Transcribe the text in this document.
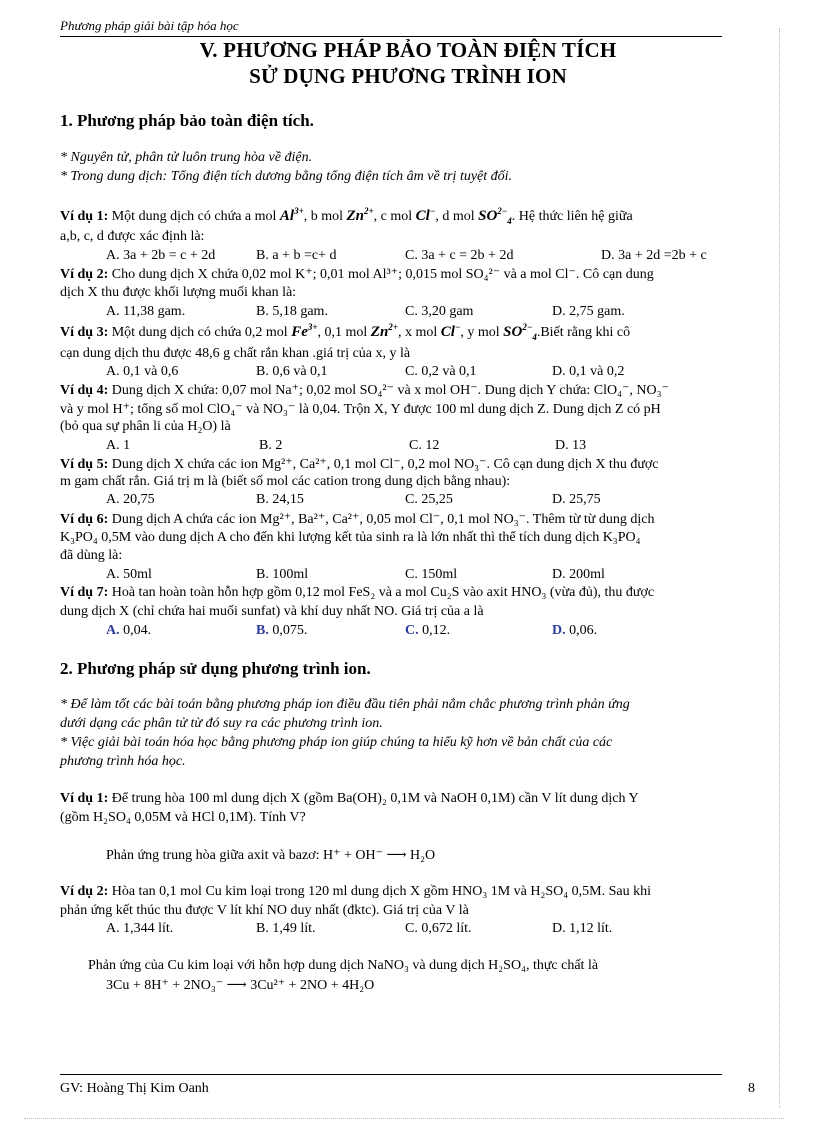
Phương pháp giải bài tập hóa học
V. PHƯƠNG PHÁP BẢO TOÀN ĐIỆN TÍCH
SỬ DỤNG PHƯƠNG TRÌNH ION
1. Phương pháp bảo toàn điện tích.
* Nguyên tử, phân tử luôn trung hòa về điện.
* Trong dung dịch: Tổng điện tích dương bằng tổng điện tích âm về trị tuyệt đối.
Ví dụ 1: Một dung dịch có chứa a mol $Al^{3+}$, b mol $Zn^{2+}$, c mol Cl−, d mol $SO^{2-}_4$. Hệ thức liên hệ giữa
a,b, c, d được xác định là:
A. 3a + 2b = c + 2d	B. a + b =c+ d	C. 3a + c = 2b + 2d	D. 3a + 2d =2b + c
Ví dụ 2: Cho dung dịch X chứa 0,02 mol K⁺; 0,01 mol Al³⁺; 0,015 mol SO₄²⁻ và a mol Cl⁻. Cô cạn dung
dịch X thu được khối lượng muối khan là:
A. 11,38 gam.	B. 5,18 gam.	C. 3,20 gam	D. 2,75 gam.
Ví dụ 3: Một dung dịch có chứa 0,2 mol $Fe^{3+}$, 0,1 mol $Zn^{2+}$, x mol Cl−, y mol $SO^{2-}_4.Biết$ rằng khi cô
cạn dung dịch thu được 48,6 g chất rắn khan .giá trị của x, y là
A. 0,1 và 0,6	B. 0,6 và 0,1	C. 0,2 và 0,1	D. 0,1 và 0,2
Ví dụ 4: Dung dịch X chứa: 0,07 mol Na⁺; 0,02 mol SO₄²⁻ và x mol OH⁻. Dung dịch Y chứa: ClO₄⁻, NO₃⁻
và y mol H⁺; tổng số mol ClO₄⁻ và NO₃⁻ là 0,04. Trộn X, Y được 100 ml dung dịch Z. Dung dịch Z có pH
(bỏ qua sự phân li của H₂O) là
A. 1	B. 2	C. 12	D. 13
Ví dụ 5: Dung dịch X chứa các ion Mg²⁺, Ca²⁺, 0,1 mol Cl⁻, 0,2 mol NO₃⁻. Cô cạn dung dịch X thu được
m gam chất rắn. Giá trị m là (biết số mol các cation trong dung dịch bằng nhau):
A. 20,75	B. 24,15	C. 25,25	D. 25,75
Ví dụ 6: Dung dịch A chứa các ion Mg²⁺, Ba²⁺, Ca²⁺, 0,05 mol Cl⁻, 0,1 mol NO₃⁻. Thêm từ từ dung dịch
K₃PO₄ 0,5M vào dung dịch A cho đến khi lượng kết tủa sinh ra là lớn nhất thì thể tích dung dịch K₃PO₄
đã dùng là:
A. 50ml	B. 100ml	C. 150ml	D. 200ml
Ví dụ 7: Hoà tan hoàn toàn hỗn hợp gồm 0,12 mol FeS₂ và a mol Cu₂S vào axit HNO₃ (vừa đủ), thu được
dung dịch X (chỉ chứa hai muối sunfat) và khí duy nhất NO. Giá trị của a là
A. 0,04.	B. 0,075.	C. 0,12.	D. 0,06.
2. Phương pháp sử dụng phương trình ion.
* Để làm tốt các bài toán bằng phương pháp ion điều đầu tiên phải nắm chắc phương trình phản ứng
dưới dạng các phân tử từ đó suy ra các phương trình ion.
* Việc giải bài toán hóa học bằng phương pháp ion giúp chúng ta hiểu kỹ hơn về bản chất của các
phương trình hóa học.
Ví dụ 1: Để trung hòa 100 ml dung dịch X (gồm Ba(OH)₂ 0,1M và NaOH 0,1M) cần V lít dung dịch Y
(gồm H₂SO₄ 0,05M và HCl 0,1M). Tính V?
Phản ứng trung hòa giữa axit và bazơ: H⁺ + OH⁻ ⟶ H₂O
Ví dụ 2: Hòa tan 0,1 mol Cu kim loại trong 120 ml dung dịch X gồm HNO₃ 1M và H₂SO₄ 0,5M. Sau khi
phản ứng kết thúc thu được V lít khí NO duy nhất (đktc). Giá trị của V là
A. 1,344 lít.	B. 1,49 lít.	C. 0,672 lít.	D. 1,12 lít.
Phản ứng của Cu kim loại với hỗn hợp dung dịch NaNO₃ và dung dịch H₂SO₄, thực chất là
3Cu + 8H⁺ + 2NO₃⁻ ⟶ 3Cu²⁺ + 2NO + 4H₂O
GV: Hoàng Thị Kim Oanh	8
